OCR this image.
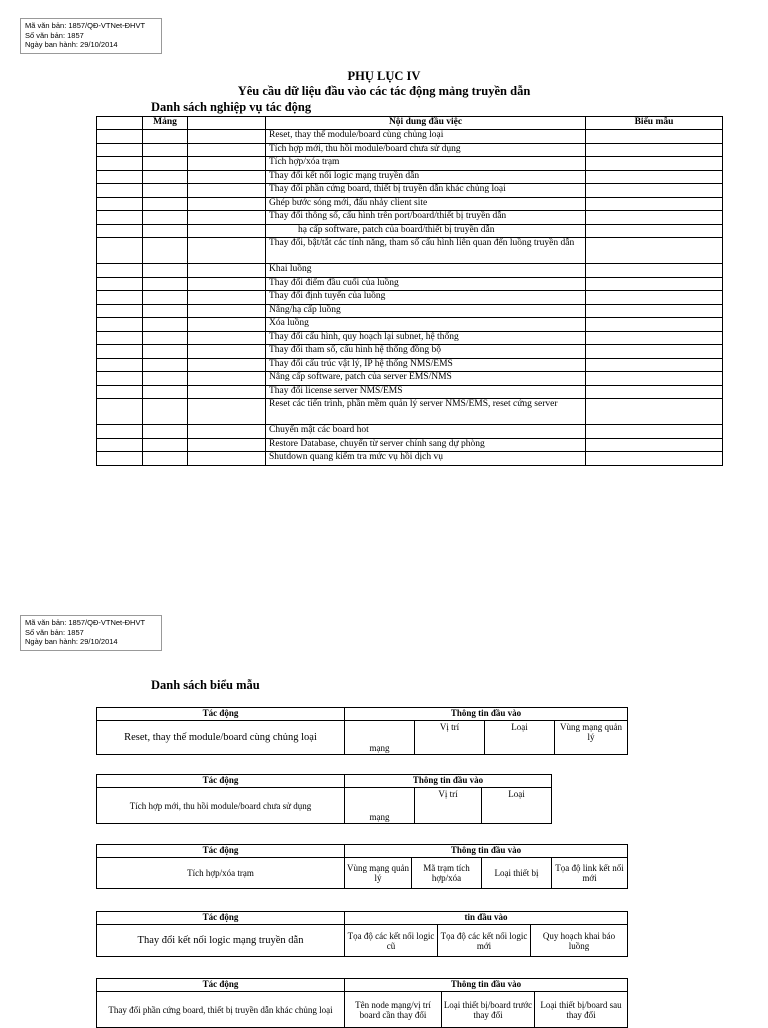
Mã văn bản: 1857/QĐ-VTNet-ĐHVT
Số văn bản: 1857
Ngày ban hành: 29/10/2014
PHỤ LỤC IV
Yêu cầu dữ liệu đầu vào các tác động mảng truyền dẫn
Danh sách nghiệp vụ tác động
	Mảng		Nội dung đầu việc	Biểu mẫu
			Reset, thay thế module/board cùng chủng loại	
			Tích hợp mới, thu hồi module/board chưa sử dụng	
			Tích hợp/xóa trạm	
			Thay đổi kết nối logic mạng truyền dẫn	
			Thay đổi phần cứng board, thiết bị truyền dẫn khác chủng loại	
			Ghép bước sóng mới, đấu nhảy client site	
			Thay đổi thông số, cấu hình trên port/board/thiết bị truyền dẫn	
			hạ cấp software, patch của board/thiết bị truyền dẫn	
			Thay đổi, bật/tắt các tính năng, tham số cấu hình liên quan đến luồng truyền dẫn	
			Khai luồng	
			Thay đổi điểm đầu cuối của luồng	
			Thay đổi định tuyến của luồng	
			Nâng/hạ cấp luồng	
			Xóa luồng	
			Thay đổi cấu hình, quy hoạch lại subnet, hệ thống	
			Thay đổi tham số, cấu hình hệ thống đồng bộ	
			Thay đổi cấu trúc vật lý, IP hệ thống NMS/EMS	
			Nâng cấp software, patch của server EMS/NMS	
			Thay đổi license server NMS/EMS	
			Reset các tiến trình, phần mềm quản lý server NMS/EMS, reset cứng server	
			Chuyển mật các board hot	
			Restore Database, chuyển từ server chính sang dự phòng	
			Shutdown quang kiểm tra mức vụ hồi dịch vụ	
Mã văn bản: 1857/QĐ-VTNet-ĐHVT
Số văn bản: 1857
Ngày ban hành: 29/10/2014
Danh sách biểu mẫu
Tác động	Thông tin đầu vào			
Reset, thay thế module/board cùng chủng loại	mạng	Vị trí	Loại	Vùng mạng quản lý
Tác động	Thông tin đầu vào		
Tích hợp mới, thu hồi module/board chưa sử dụng	mạng	Vị trí	Loại
Tác động	Thông tin đầu vào			
Tích hợp/xóa trạm	Vùng mạng quản lý	Mã trạm tích hợp/xóa	Loại thiết bị	Tọa độ link kết nối mới
Tác động	tin đầu vào		
Thay đổi kết nối logic mạng truyền dẫn	Tọa độ các kết nối logic cũ	Tọa độ các kết nối logic mới	Quy hoạch khai báo luồng
Tác động	Thông tin đầu vào		
Thay đổi phần cứng board, thiết bị truyền dẫn khác chủng loại	Tên node mạng/vị trí board cần thay đổi	Loại thiết bị/board trước thay đổi	Loại thiết bị/board sau thay đổi
